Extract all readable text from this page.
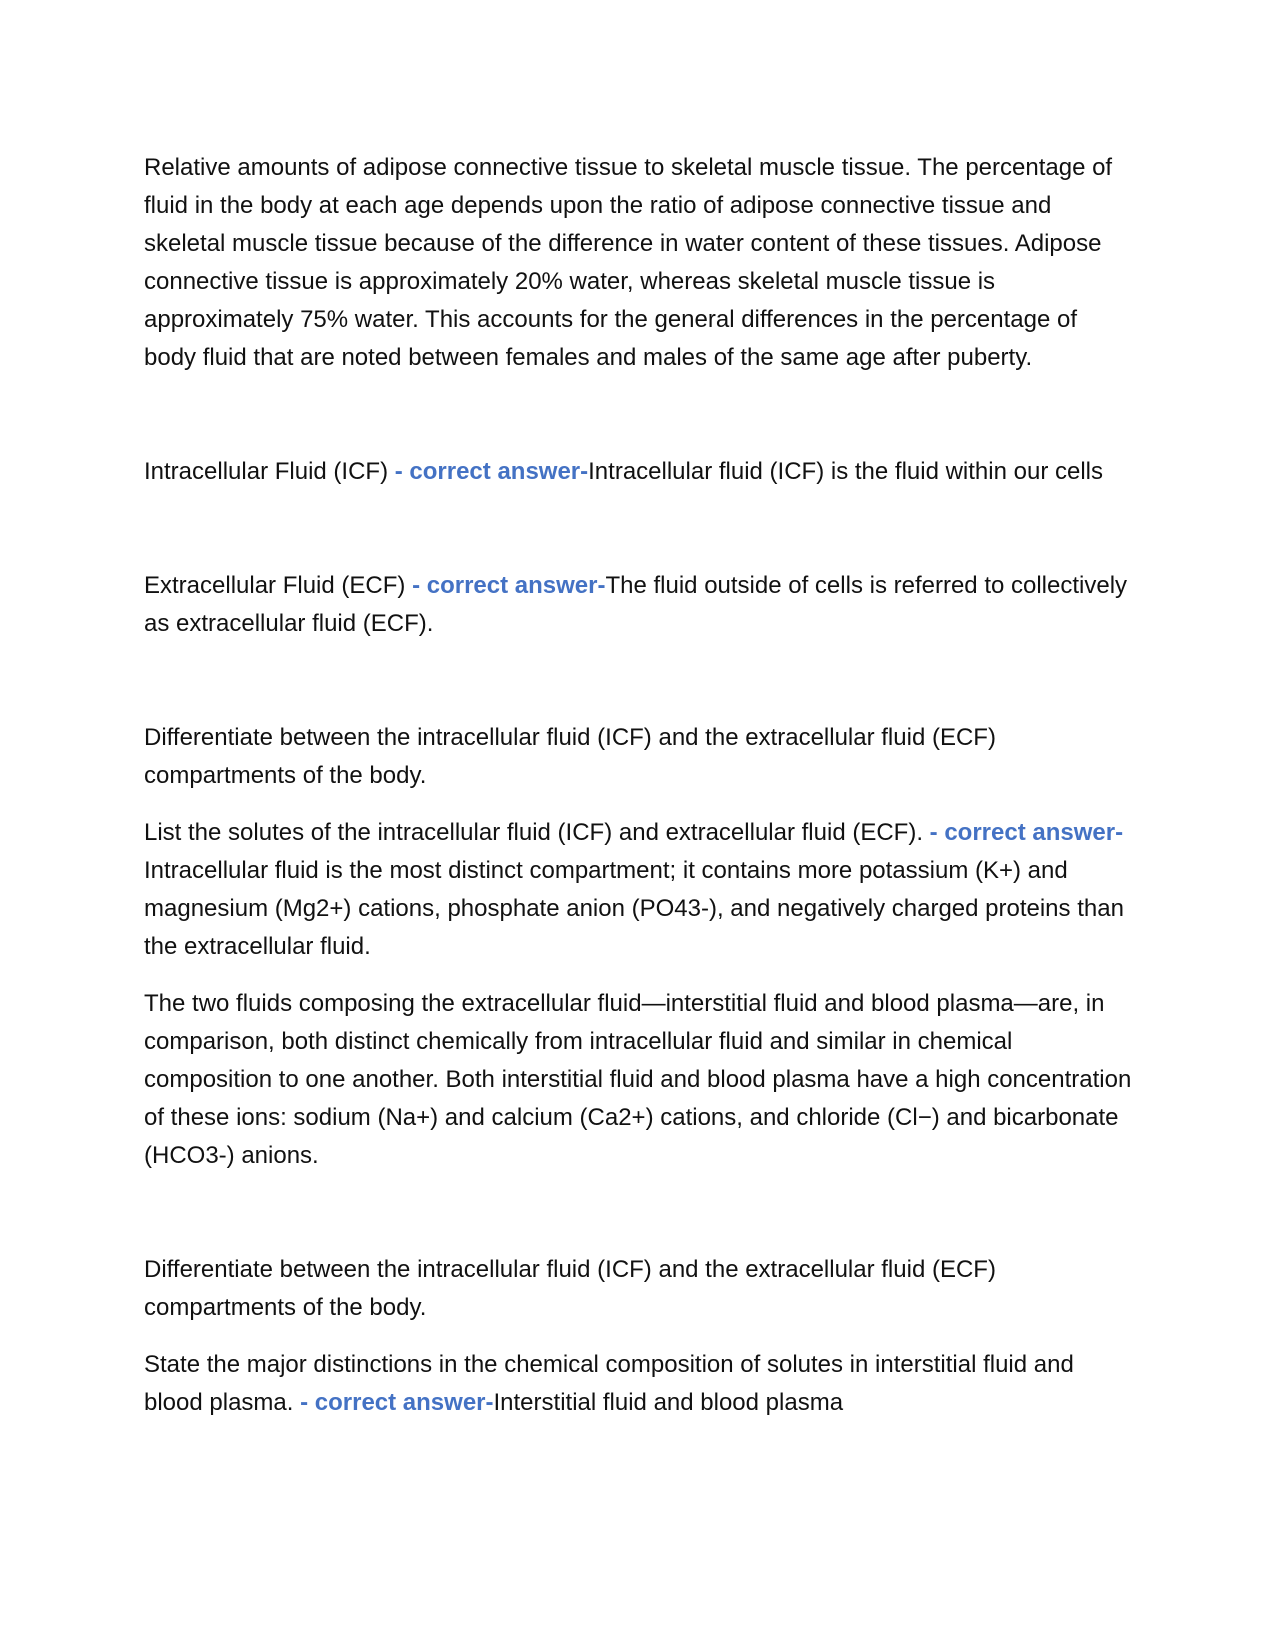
Relative amounts of adipose connective tissue to skeletal muscle tissue. The percentage of fluid in the body at each age depends upon the ratio of adipose connective tissue and skeletal muscle tissue because of the difference in water content of these tissues. Adipose connective tissue is approximately 20% water, whereas skeletal muscle tissue is approximately 75% water. This accounts for the general differences in the percentage of body fluid that are noted between females and males of the same age after puberty.

Intracellular Fluid (ICF) - correct answer-Intracellular fluid (ICF) is the fluid within our cells

Extracellular Fluid (ECF) - correct answer-The fluid outside of cells is referred to collectively as extracellular fluid (ECF).

Differentiate between the intracellular fluid (ICF) and the extracellular fluid (ECF) compartments of the body.

List the solutes of the intracellular fluid (ICF) and extracellular fluid (ECF). - correct answer-Intracellular fluid is the most distinct compartment; it contains more potassium (K+) and magnesium (Mg2+) cations, phosphate anion (PO43-), and negatively charged proteins than the extracellular fluid.

The two fluids composing the extracellular fluid—interstitial fluid and blood plasma—are, in comparison, both distinct chemically from intracellular fluid and similar in chemical composition to one another. Both interstitial fluid and blood plasma have a high concentration of these ions: sodium (Na+) and calcium (Ca2+) cations, and chloride (Cl−) and bicarbonate (HCO3-) anions.

Differentiate between the intracellular fluid (ICF) and the extracellular fluid (ECF) compartments of the body.

State the major distinctions in the chemical composition of solutes in interstitial fluid and blood plasma. - correct answer-Interstitial fluid and blood plasma
